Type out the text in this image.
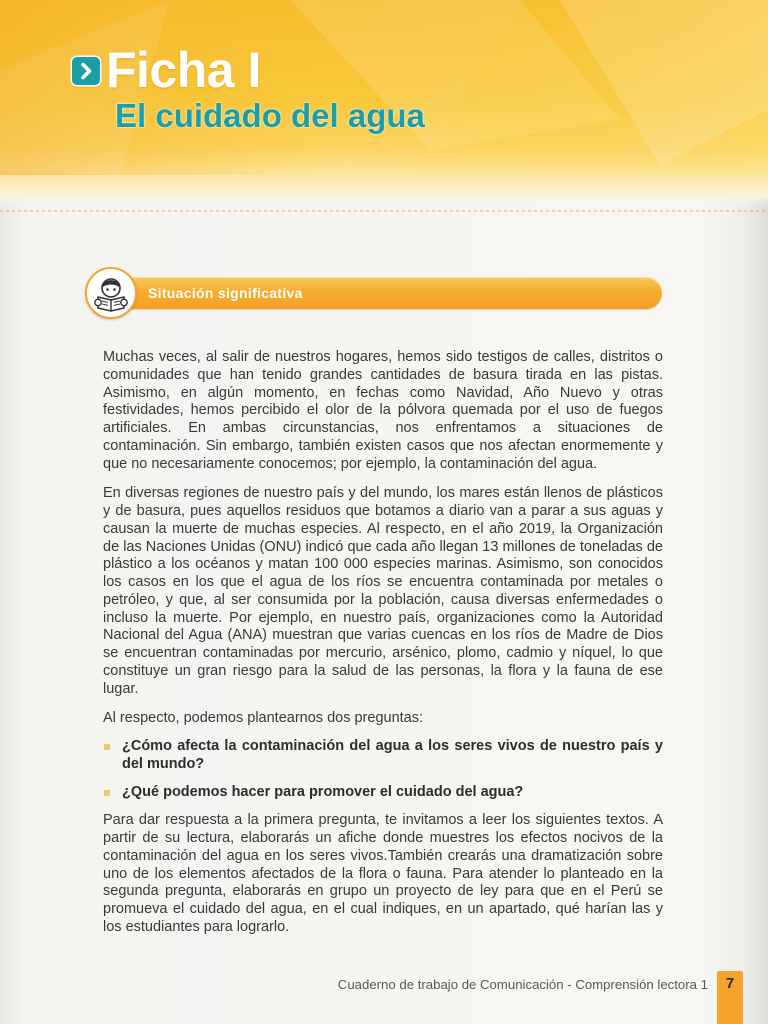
Ficha I
El cuidado del agua
Situación significativa

Muchas veces, al salir de nuestros hogares, hemos sido testigos de calles, distritos o comunidades que han tenido grandes cantidades de basura tirada en las pistas. Asimismo, en algún momento, en fechas como Navidad, Año Nuevo y otras festividades, hemos percibido el olor de la pólvora quemada por el uso de fuegos artificiales. En ambas circunstancias, nos enfrentamos a situaciones de contaminación. Sin embargo, también existen casos que nos afectan enormemente y que no necesariamente conocemos; por ejemplo, la contaminación del agua.

En diversas regiones de nuestro país y del mundo, los mares están llenos de plásticos y de basura, pues aquellos residuos que botamos a diario van a parar a sus aguas y causan la muerte de muchas especies. Al respecto, en el año 2019, la Organización de las Naciones Unidas (ONU) indicó que cada año llegan 13 millones de toneladas de plástico a los océanos y matan 100 000 especies marinas. Asimismo, son conocidos los casos en los que el agua de los ríos se encuentra contaminada por metales o petróleo, y que, al ser consumida por la población, causa diversas enfermedades o incluso la muerte. Por ejemplo, en nuestro país, organizaciones como la Autoridad Nacional del Agua (ANA) muestran que varias cuencas en los ríos de Madre de Dios se encuentran contaminadas por mercurio, arsénico, plomo, cadmio y níquel, lo que constituye un gran riesgo para la salud de las personas, la flora y la fauna de ese lugar.

Al respecto, podemos plantearnos dos preguntas:

¿Cómo afecta la contaminación del agua a los seres vivos de nuestro país y del mundo?
¿Qué podemos hacer para promover el cuidado del agua?

Para dar respuesta a la primera pregunta, te invitamos a leer los siguientes textos. A partir de su lectura, elaborarás un afiche donde muestres los efectos nocivos de la contaminación del agua en los seres vivos.También crearás una dramatización sobre uno de los elementos afectados de la flora o fauna. Para atender lo planteado en la segunda pregunta, elaborarás en grupo un proyecto de ley para que en el Perú se promueva el cuidado del agua, en el cual indiques, en un apartado, qué harían las y los estudiantes para lograrlo.

Cuaderno de trabajo de Comunicación - Comprensión lectora 1	7
